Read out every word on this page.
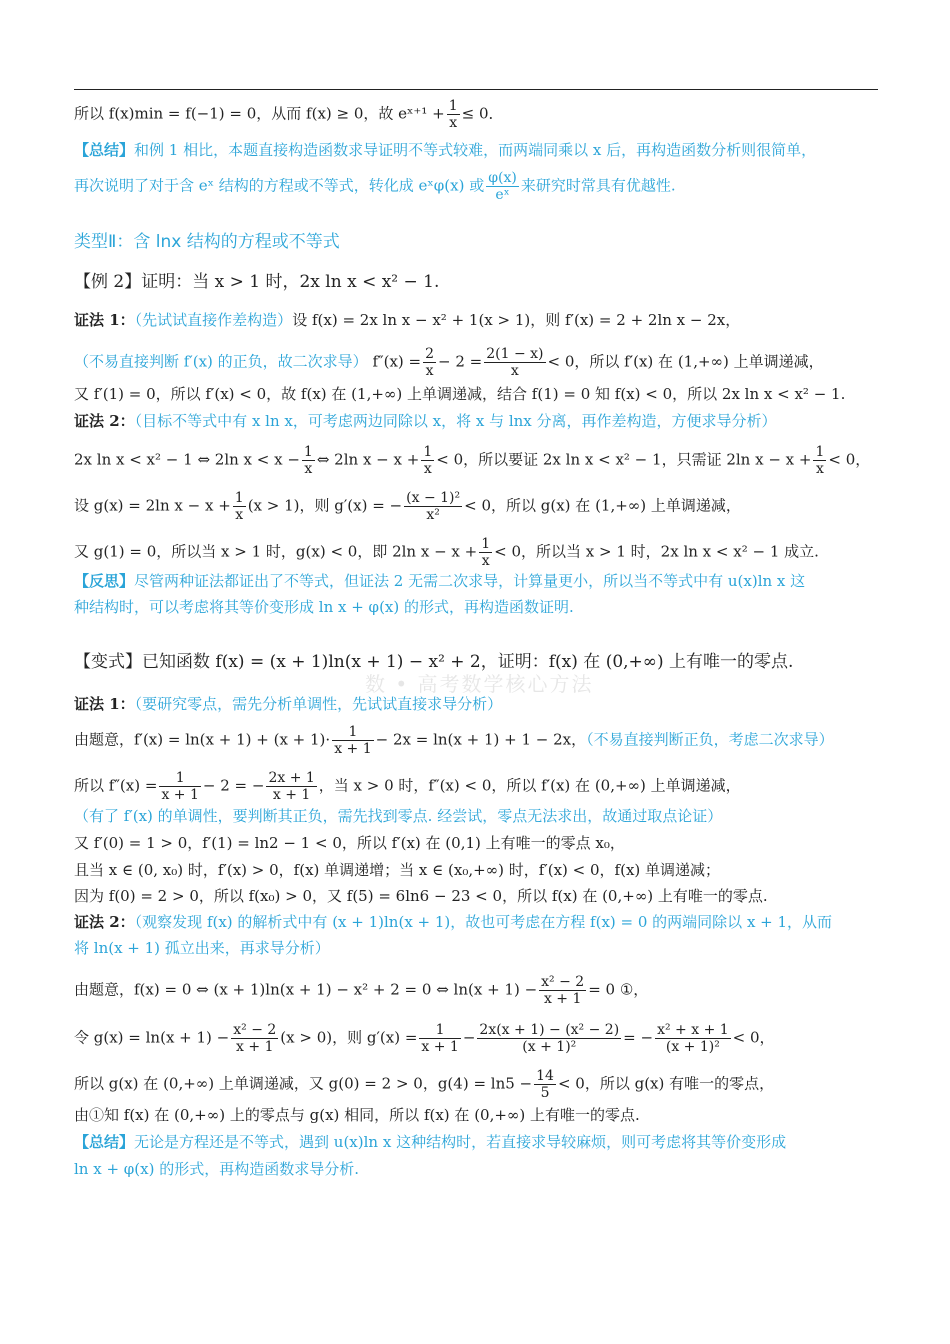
数 • 高考数学核心方法
所以 f(x)min = f(−1) = 0，从而 f(x) ≥ 0，故 eˣ⁺¹ + $\frac{1}{x} \le 0$．
【总结】和例 1 相比，本题直接构造函数求导证明不等式较难，而两端同乘以 x 后，再构造函数分析则很简单，
再次说明了对于含 eˣ 结构的方程或不等式，转化成 eˣφ(x) 或 $\frac{\varphi(x)}{\text{eˣ}}$ 来研究时常具有优越性.
类型Ⅱ：含 lnx 结构的方程或不等式
【例 2】证明：当 x > 1 时，2x ln x < x² − 1.
证法 1：（先试试直接作差构造）设 f(x) = 2x ln x − x² + 1(x > 1)，则 f′(x) = 2 + 2ln x − 2x，
（不易直接判断 f′(x) 的正负，故二次求导） $f''(x) = \frac{2}{x} - 2 = \frac{2(1 - x)}{x} < 0$，所以 f′(x) 在 (1,+∞) 上单调递减，
又 f′(1) = 0，所以 f′(x) < 0，故 f(x) 在 (1,+∞) 上单调递减，结合 f(1) = 0 知 f(x) < 0，所以 2x ln x < x² − 1.
证法 2：（目标不等式中有 x ln x，可考虑两边同除以 x，将 x 与 lnx 分离，再作差构造，方便求导分析）
2x ln x < x² − 1 ⇔ 2ln $x < x - \frac{1}{x}$ ⇔ 2ln $x - x + \frac{1}{x} < 0$，所以要证 2x ln x < x² − 1，只需证 2ln $x - x + \frac{1}{x} < 0$，
设 g(x) = 2ln $x - x + \frac{1}{x} (x > 1)$，则 g′(x) = − $\frac{\text{(x − 1)²}}{\text{x²}} < 0$，所以 g(x) 在 (1,+∞) 上单调递减，
又 g(1) = 0，所以当 x > 1 时，g(x) < 0，即 2ln $x - x + \frac{1}{x} < 0$，所以当 x > 1 时，2x ln x < x² − 1 成立.
【反思】尽管两种证法都证出了不等式，但证法 2 无需二次求导，计算量更小，所以当不等式中有 u(x)ln x 这
种结构时，可以考虑将其等价变形成 ln x + φ(x) 的形式，再构造函数证明.
【变式】已知函数 f(x) = (x + 1)ln(x + 1) − x² + 2，证明：f(x) 在 (0,+∞) 上有唯一的零点.
证法 1：（要研究零点，需先分析单调性，先试试直接求导分析）
由题意，$f'(x) = \ln(x + 1) + (x + 1)\cdot \frac{1}{x + 1} - 2x = \ln(x + 1) + 1 - 2x$，（不易直接判断正负，考虑二次求导）
所以 $f''(x) = \frac{1}{x + 1} - 2$ = − $\frac{2x + 1}{x + 1}$ ，当 x > 0 时，f″(x) < 0，所以 f′(x) 在 (0,+∞) 上单调递减，
（有了 f′(x) 的单调性，要判断其正负，需先找到零点. 经尝试，零点无法求出，故通过取点论证）
又 f′(0) = 1 > 0，f′(1) = ln2 − 1 < 0，所以 f′(x) 在 (0,1) 上有唯一的零点 x₀，
且当 x ∈ (0, x₀) 时，f′(x) > 0，f(x) 单调递增；当 x ∈ (x₀,+∞) 时，f′(x) < 0，f(x) 单调递减；
因为 f(0) = 2 > 0，所以 f(x₀) > 0，又 f(5) = 6ln6 − 23 < 0，所以 f(x) 在 (0,+∞) 上有唯一的零点.
证法 2：（观察发现 f(x) 的解析式中有 (x + 1)ln(x + 1)，故也可考虑在方程 f(x) = 0 的两端同除以 x + 1，从而
将 ln(x + 1) 孤立出来，再求导分析）
由题意，f(x) = 0 ⇔ (x + 1)ln(x + 1) − x² + 2 = 0 ⇔ $\ln(x + 1) - \frac{\text{x² − 2}}{x + 1} = 0$ ①，
令 $g(x) = \ln(x + 1) - \frac{\text{x² − 2}}{x + 1} (x > 0)$，则 $g'(x) = \frac{1}{x + 1} - \frac{\text{2x(x + 1) − (x² − 2)}}{\text{(x + 1)²}}$ = − $\frac{\text{x² + x + 1}}{\text{(x + 1)²}} < 0$，
所以 g(x) 在 (0,+∞) 上单调递减，又 g(0) = 2 > 0，$g(4) = \ln 5 - \frac{14}{5} < 0$，所以 g(x) 有唯一的零点，
由①知 f(x) 在 (0,+∞) 上的零点与 g(x) 相同，所以 f(x) 在 (0,+∞) 上有唯一的零点.
【总结】无论是方程还是不等式，遇到 u(x)ln x 这种结构时，若直接求导较麻烦，则可考虑将其等价变形成
ln x + φ(x) 的形式，再构造函数求导分析.
